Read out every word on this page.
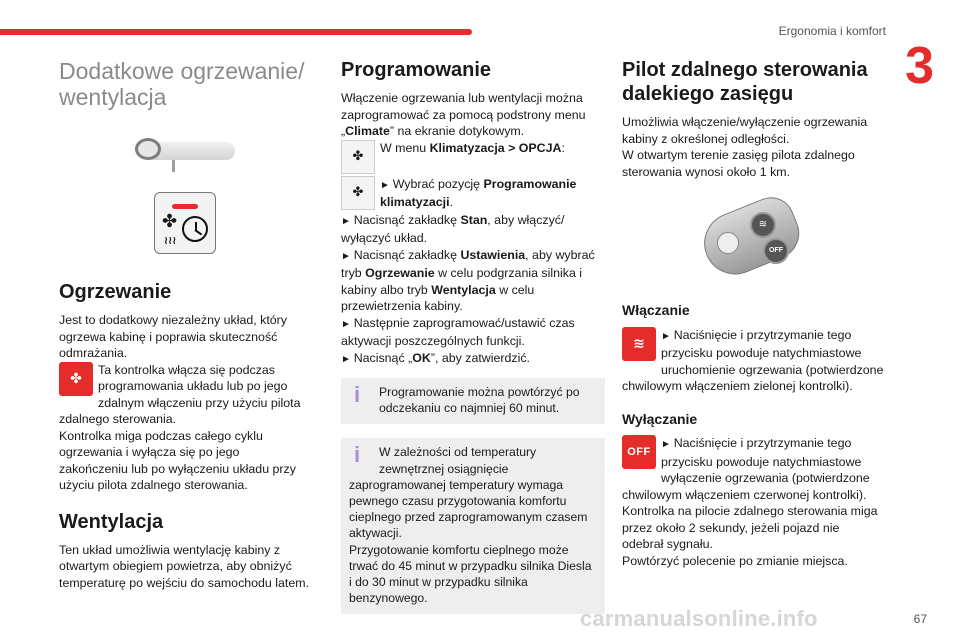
Ergonomia i komfort
3
Dodatkowe ogrzewanie/ wentylacja
✤
≀≀≀
Ogrzewanie

Jest to dodatkowy niezależny układ, który ogrzewa kabinę i poprawia skuteczność odmrażania.

✤

Ta kontrolka włącza się podczas programowania układu lub po jego zdalnym włączeniu przy użyciu pilota zdalnego sterowania.

Kontrolka miga podczas całego cyklu ogrzewania i wyłącza się po jego zakończeniu lub po wyłączeniu układu przy użyciu pilota zdalnego sterowania.

Wentylacja

Ten układ umożliwia wentylację kabiny z otwartym obiegiem powietrza, aby obniżyć temperaturę po wejściu do samochodu latem.

Programowanie

Włączenie ogrzewania lub wentylacji można zaprogramować za pomocą podstrony menu „Climate” na ekranie dotykowym.

✤

W menu Klimatyzacja > OPCJA:

✤	► Wybrać pozycję Programowanie klimatyzacji.

► Nacisnąć zakładkę Stan, aby włączyć/ wyłączyć układ.

► Nacisnąć zakładkę Ustawienia, aby wybrać tryb Ogrzewanie w celu podgrzania silnika i kabiny albo tryb Wentylacja w celu przewietrzenia kabiny.

► Następnie zaprogramować/ustawić czas aktywacji poszczególnych funkcji.

► Nacisnąć „OK”, aby zatwierdzić.

i	Programowanie można powtórzyć po odczekaniu co najmniej 60 minut.

i	W zależności od temperatury zewnętrznej osiągnięcie zaprogramowanej temperatury wymaga pewnego czasu przygotowania komfortu cieplnego przed zaprogramowanym czasem aktywacji.

Przygotowanie komfortu cieplnego może trwać do 45 minut w przypadku silnika Diesla i do 30 minut w przypadku silnika benzynowego.

Pilot zdalnego sterowania dalekiego zasięgu

Umożliwia włączenie/wyłączenie ogrzewania kabiny z określonej odległości.

W otwartym terenie zasięg pilota zdalnego sterowania wynosi około 1 km.

≋
OFF
Włączanie
≋	► Naciśnięcie i przytrzymanie tego przycisku powoduje natychmiastowe uruchomienie ogrzewania (potwierdzone chwilowym włączeniem zielonej kontrolki).

Wyłączanie
OFF

► Naciśnięcie i przytrzymanie tego przycisku powoduje natychmiastowe wyłączenie ogrzewania (potwierdzone chwilowym włączeniem czerwonej kontrolki).

Kontrolka na pilocie zdalnego sterowania miga przez około 2 sekundy, jeżeli pojazd nie odebrał sygnału.

Powtórzyć polecenie po zmianie miejsca.

carmanualsonline.info	67
